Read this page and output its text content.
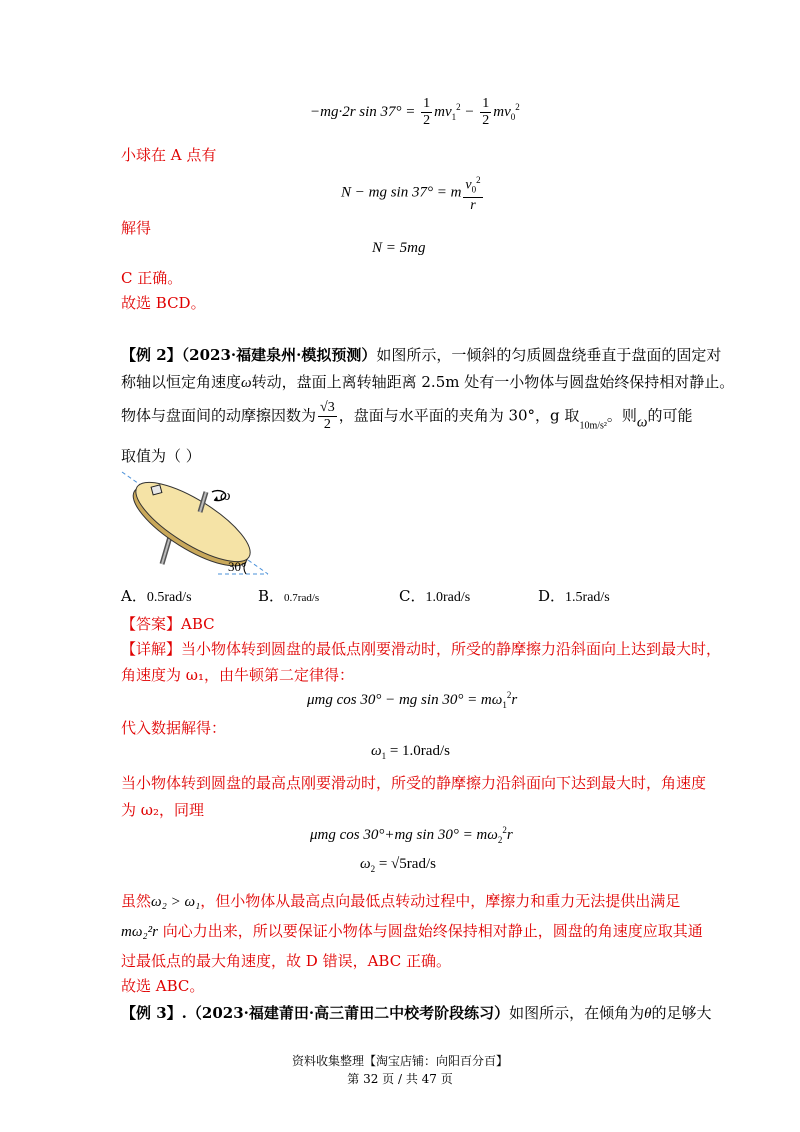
−mg·2r $\sin 37^\circ = \frac{1}{2} mv_1^2 - \frac{1}{2} mv_0^2$
小球在 A 点有
N − mg sin 37° = m $\frac{v_0^2}{r}$
解得
N = 5mg
C 正确。
故选 BCD。
【例 2】（2023·福建泉州·模拟预测）如图所示，一倾斜的匀质圆盘绕垂直于盘面的固定对
称轴以恒定角速度ω转动，盘面上离转轴距离 2.5m 处有一小物体与圆盘始终保持相对静止。
物体与盘面间的动摩擦因数为 $\frac{√3}{2}$ ，盘面与水平面的夹角为 30°，g 取$_{10m/s^2}$。则ω的可能
取值为（ ）
ω
30°
A．0.5rad/s	B．0.7rad/s	C．1.0rad/s	D．1.5rad/s
【答案】ABC
【详解】当小物体转到圆盘的最低点刚要滑动时，所受的静摩擦力沿斜面向上达到最大时，
角速度为 ω₁，由牛顿第二定律得：
μmg cos 30° − mg $\sin 30^\circ = m\omega_1^2r$
代入数据解得：
$\omega_1 = 1.0rad/s$
当小物体转到圆盘的最高点刚要滑动时，所受的静摩擦力沿斜面向下达到最大时，角速度
为 ω₂，同理
μmg cos 30°+mg $\sin 30^\circ = m\omega_2^2r$
$\omega_2 = √5rad/s$
虽然ω₂ > ω₁，但小物体从最高点向最低点转动过程中，摩擦力和重力无法提供出满足
mω₂²r 向心力出来，所以要保证小物体与圆盘始终保持相对静止，圆盘的角速度应取其通
过最低点的最大角速度，故 D 错误，ABC 正确。
故选 ABC。
【例 3】.（2023·福建莆田·高三莆田二中校考阶段练习）如图所示，在倾角为θ的足够大
资料收集整理【淘宝店铺：向阳百分百】
第 32 页 / 共 47 页
